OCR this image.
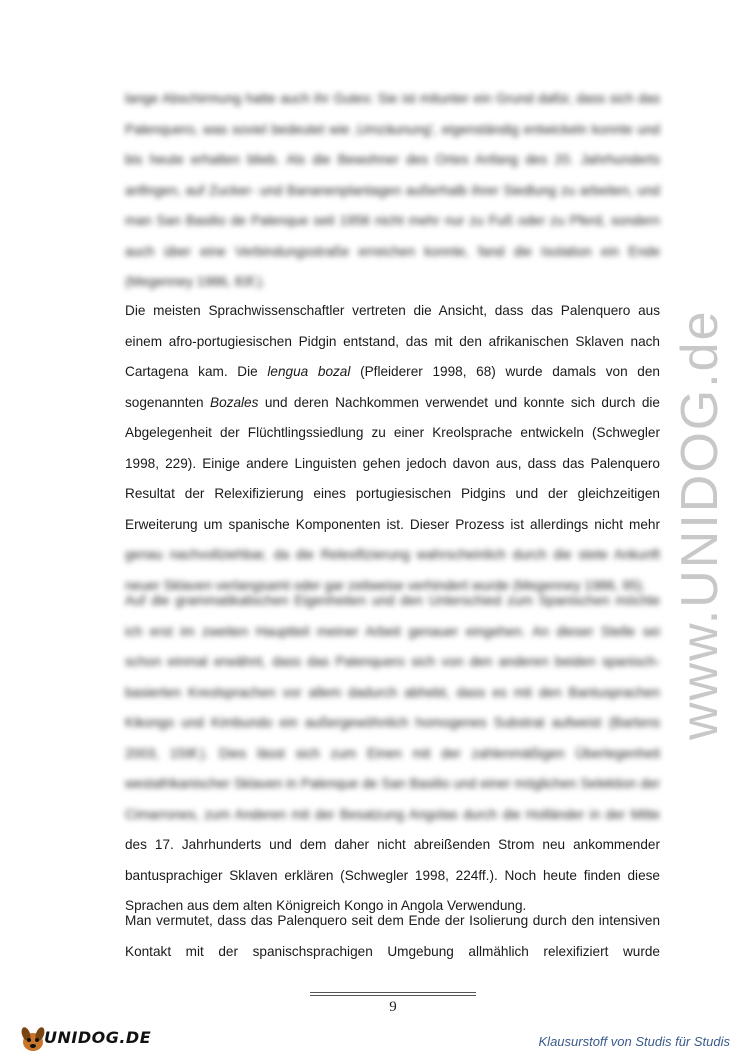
lange Abschirmung hatte auch ihr Gutes: Sie ist mitunter ein Grund dafür, dass sich das
Palenquero, was soviel bedeutet wie ‚Umzäunung', eigenständig entwickeln konnte und
bis heute erhalten blieb. Als die Bewohner des Ortes Anfang des 20. Jahrhunderts
anfingen, auf Zucker- und Bananenplantagen außerhalb ihrer Siedlung zu arbeiten, und
man San Basilio de Palenque seit 1956 nicht mehr nur zu Fuß oder zu Pferd, sondern
auch über eine Verbindungsstraße erreichen konnte, fand die Isolation ein Ende
(Megenney 1986, 83f.).
Die meisten Sprachwissenschaftler vertreten die Ansicht, dass das Palenquero aus
einem afro-portugiesischen Pidgin entstand, das mit den afrikanischen Sklaven nach
Cartagena kam. Die lengua bozal (Pfleiderer 1998, 68) wurde damals von den
sogenannten Bozales und deren Nachkommen verwendet und konnte sich durch die
Abgelegenheit der Flüchtlingssiedlung zu einer Kreolsprache entwickeln (Schwegler
1998, 229). Einige andere Linguisten gehen jedoch davon aus, dass das Palenquero
Resultat der Relexifizierung eines portugiesischen Pidgins und der gleichzeitigen
Erweiterung um spanische Komponenten ist. Dieser Prozess ist allerdings nicht mehr
genau nachvollziehbar, da die Relexifizierung wahrscheinlich durch die stete Ankunft
neuer Sklaven verlangsamt oder gar zeitweise verhindert wurde (Megenney 1986, 95).
Auf die grammatikalischen Eigenheiten und den Unterschied zum Spanischen möchte
ich erst im zweiten Hauptteil meiner Arbeit genauer eingehen. An dieser Stelle sei
schon einmal erwähnt, dass das Palenquero sich von den anderen beiden spanisch-
basierten Kreolsprachen vor allem dadurch abhebt, dass es mit den Bantusprachen
Kikongo und Kimbundo ein außergewöhnlich homogenes Substrat aufweist (Bartens
2003, 159f.). Dies lässt sich zum Einen mit der zahlenmäßigen Überlegenheit
westafrikanischer Sklaven in Palenque de San Basilio und einer möglichen Selektion der
Cimarrones, zum Anderen mit der Besatzung Angolas durch die Holländer in der Mitte
des 17. Jahrhunderts und dem daher nicht abreißenden Strom neu ankommender
bantusprachiger Sklaven erklären (Schwegler 1998, 224ff.). Noch heute finden diese
Sprachen aus dem alten Königreich Kongo in Angola Verwendung.
Man vermutet, dass das Palenquero seit dem Ende der Isolierung durch den intensiven
Kontakt mit der spanischsprachigen Umgebung allmählich relexifiziert wurde
www.UNIDOG.de
9
UNIDOG.DE	Klausurstoff von Studis für Studis
